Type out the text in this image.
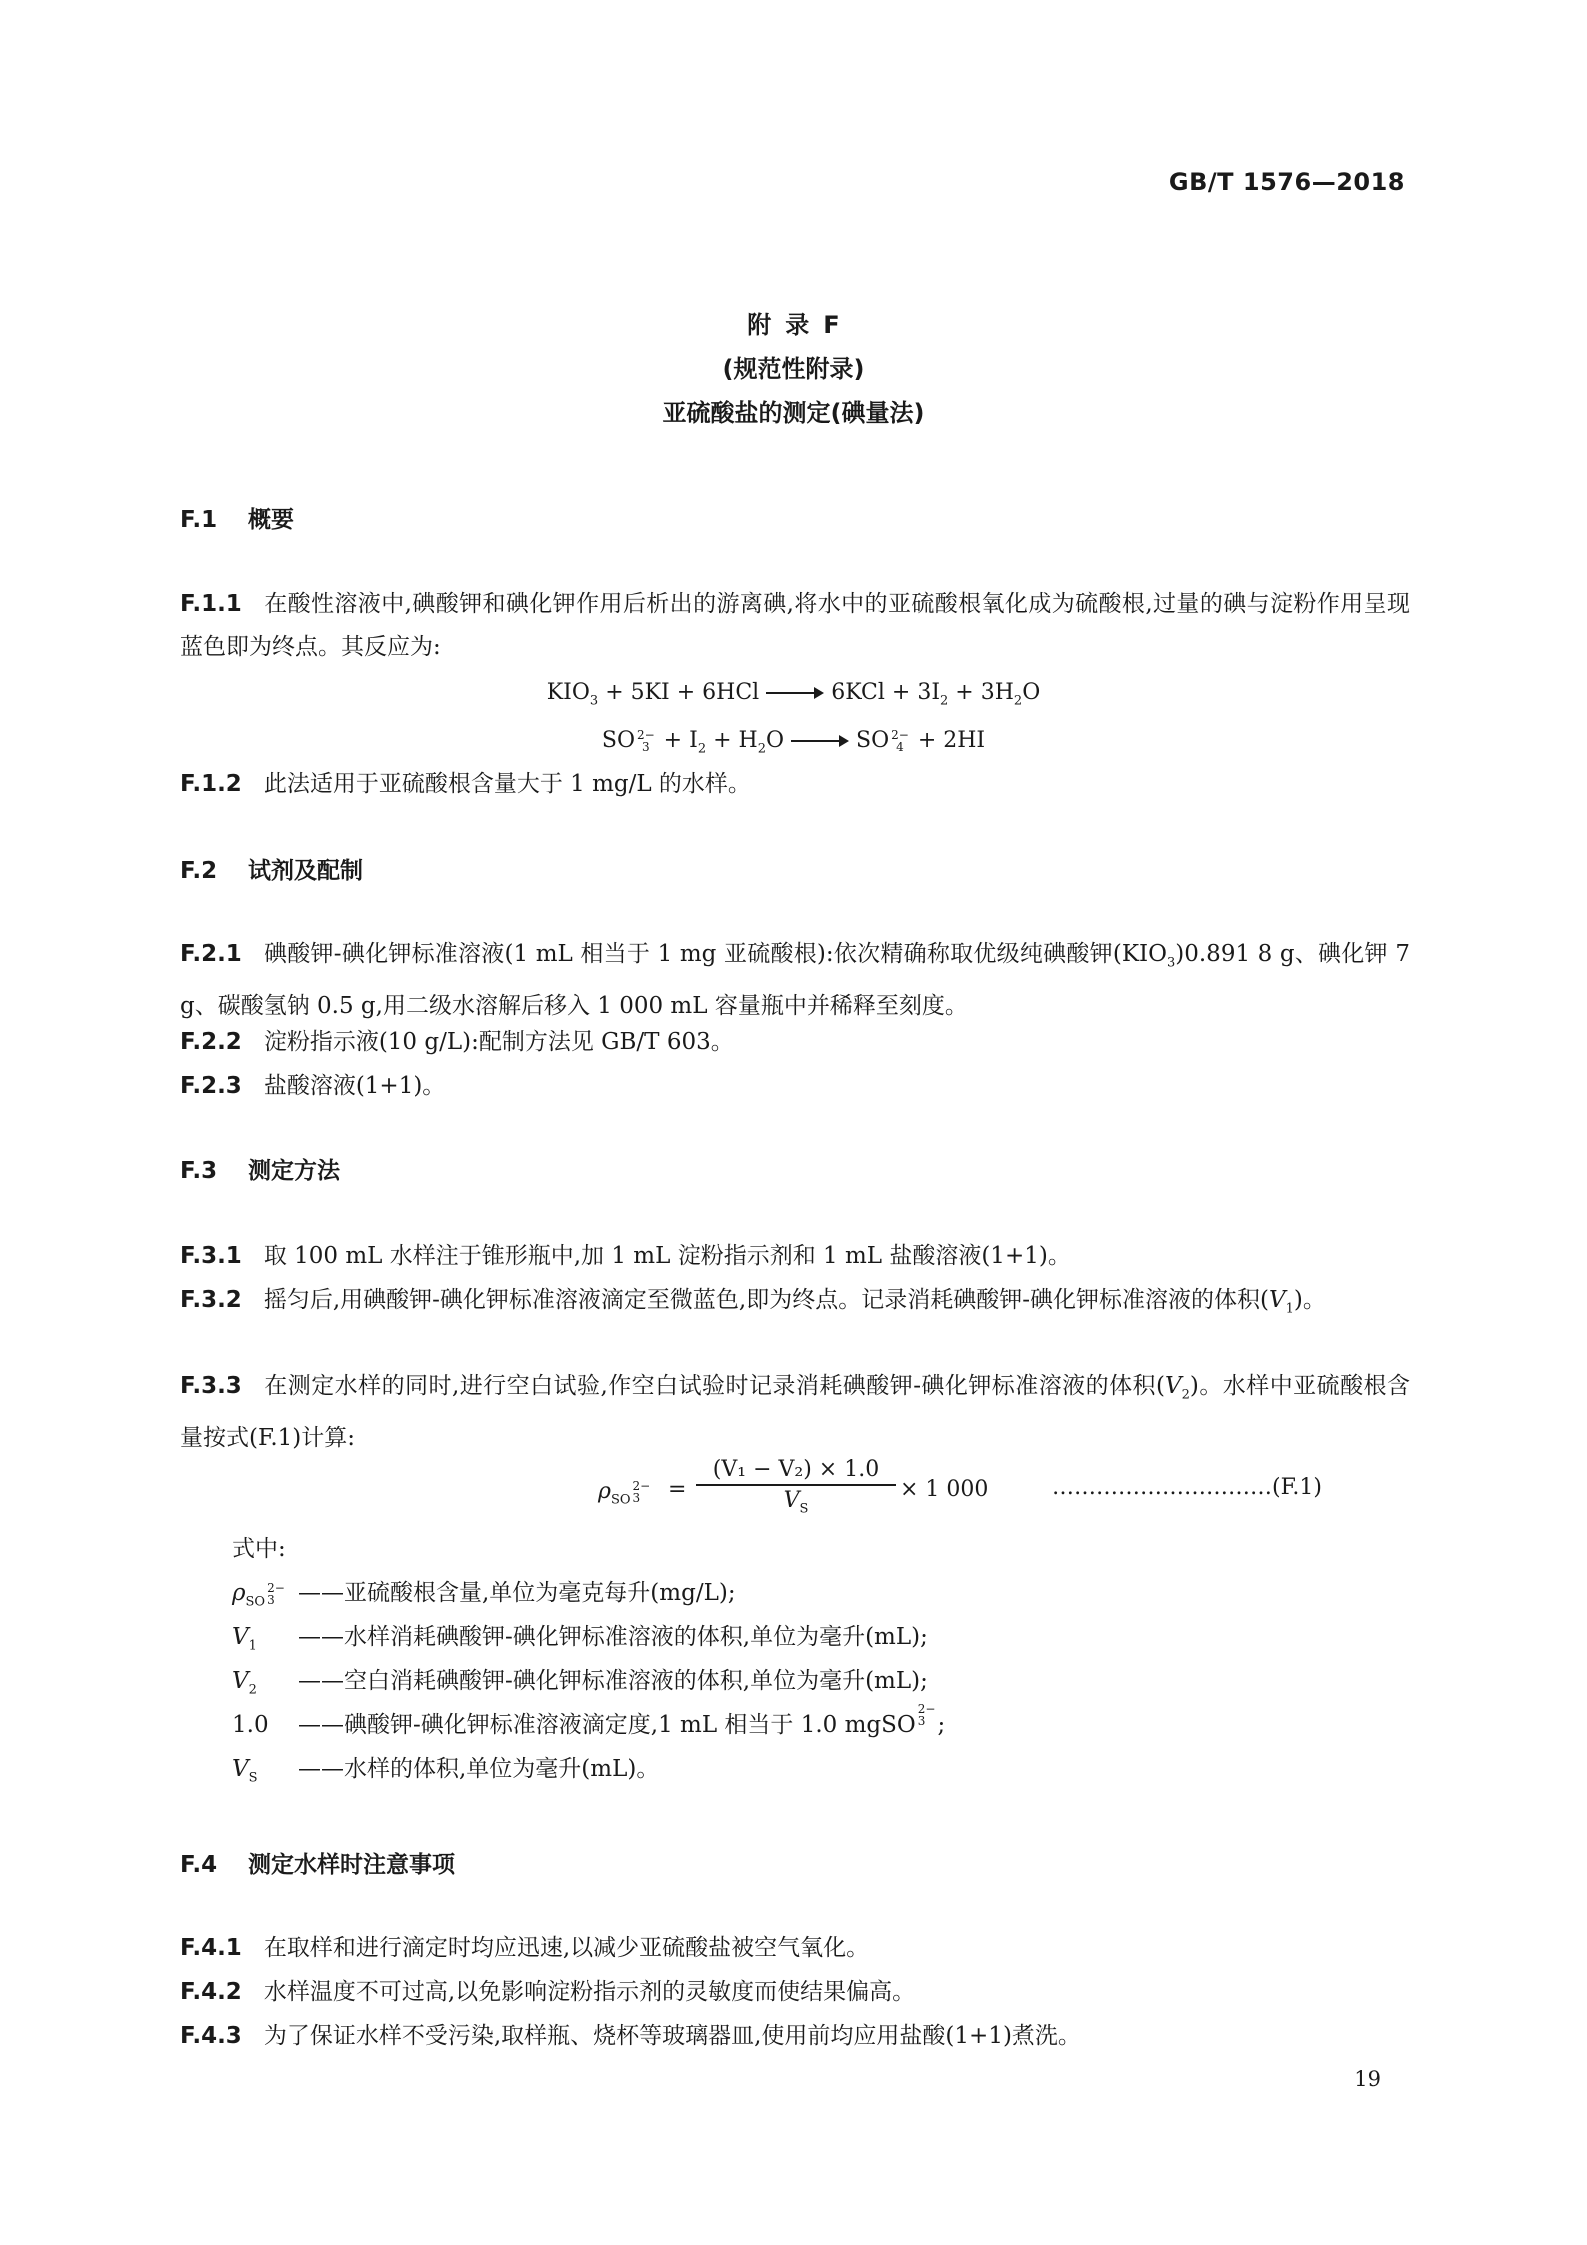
GB/T 1576—2018
附录F
(规范性附录)
亚硫酸盐的测定(碘量法)
F.1 概要
F.1.1 在酸性溶液中,碘酸钾和碘化钾作用后析出的游离碘,将水中的亚硫酸根氧化成为硫酸根,过量的碘与淀粉作用呈现蓝色即为终点。其反应为:
$KIO_3 + 5KI + 6HCl$	$6KCl + 3I_2 + 3H_2O$
SO 2−
$3 + I_2 + H_2O$	SO 2−
4 + 2HI
F.1.2 此法适用于亚硫酸根含量大于 1 mg/L 的水样。
F.2 试剂及配制
F.2.1 碘酸钾-碘化钾标准溶液(1 mL 相当于 1 mg 亚硫酸根):依次精确称取优级纯碘酸钾$(KIO_3)0.891$ 8 g、碘化钾 7 g、碳酸氢钠 0.5 g,用二级水溶解后移入 1 000 mL 容量瓶中并稀释至刻度。
F.2.2 淀粉指示液(10 g/L):配制方法见 GB/T 603。
F.2.3 盐酸溶液(1+1)。
F.3 测定方法
F.3.1 取 100 mL 水样注于锥形瓶中,加 1 mL 淀粉指示剂和 1 mL 盐酸溶液(1+1)。
F.3.2 摇匀后,用碘酸钾-碘化钾标准溶液滴定至微蓝色,即为终点。记录消耗碘酸钾-碘化钾标准溶液的体积$(V_1)$。
F.3.3 在测定水样的同时,进行空白试验,作空白试验时记录消耗碘酸钾-碘化钾标准溶液的体积$(V_2)$。水样中亚硫酸根含量按式(F.1)计算:
$\rho_{SO}$
2−
3	= $\frac{\text{(V₁ − V₂) × 1.0}}{V_S} \times 1$ 000	…………………………(F.1)
式中:
$\rho_{SO}$
2−
3	——亚硫酸根含量,单位为毫克每升(mg/L);
$V_1$	——水样消耗碘酸钾-碘化钾标准溶液的体积,单位为毫升(mL);
$V_2$	——空白消耗碘酸钾-碘化钾标准溶液的体积,单位为毫升(mL);
1.0	——碘酸钾-碘化钾标准溶液滴定度,1 mL 相当于 1.0 mgSO
2−
3 ;
$V_S$	——水样的体积,单位为毫升(mL)。
F.4 测定水样时注意事项
F.4.1 在取样和进行滴定时均应迅速,以减少亚硫酸盐被空气氧化。
F.4.2 水样温度不可过高,以免影响淀粉指示剂的灵敏度而使结果偏高。
F.4.3 为了保证水样不受污染,取样瓶、烧杯等玻璃器皿,使用前均应用盐酸(1+1)煮洗。
19
